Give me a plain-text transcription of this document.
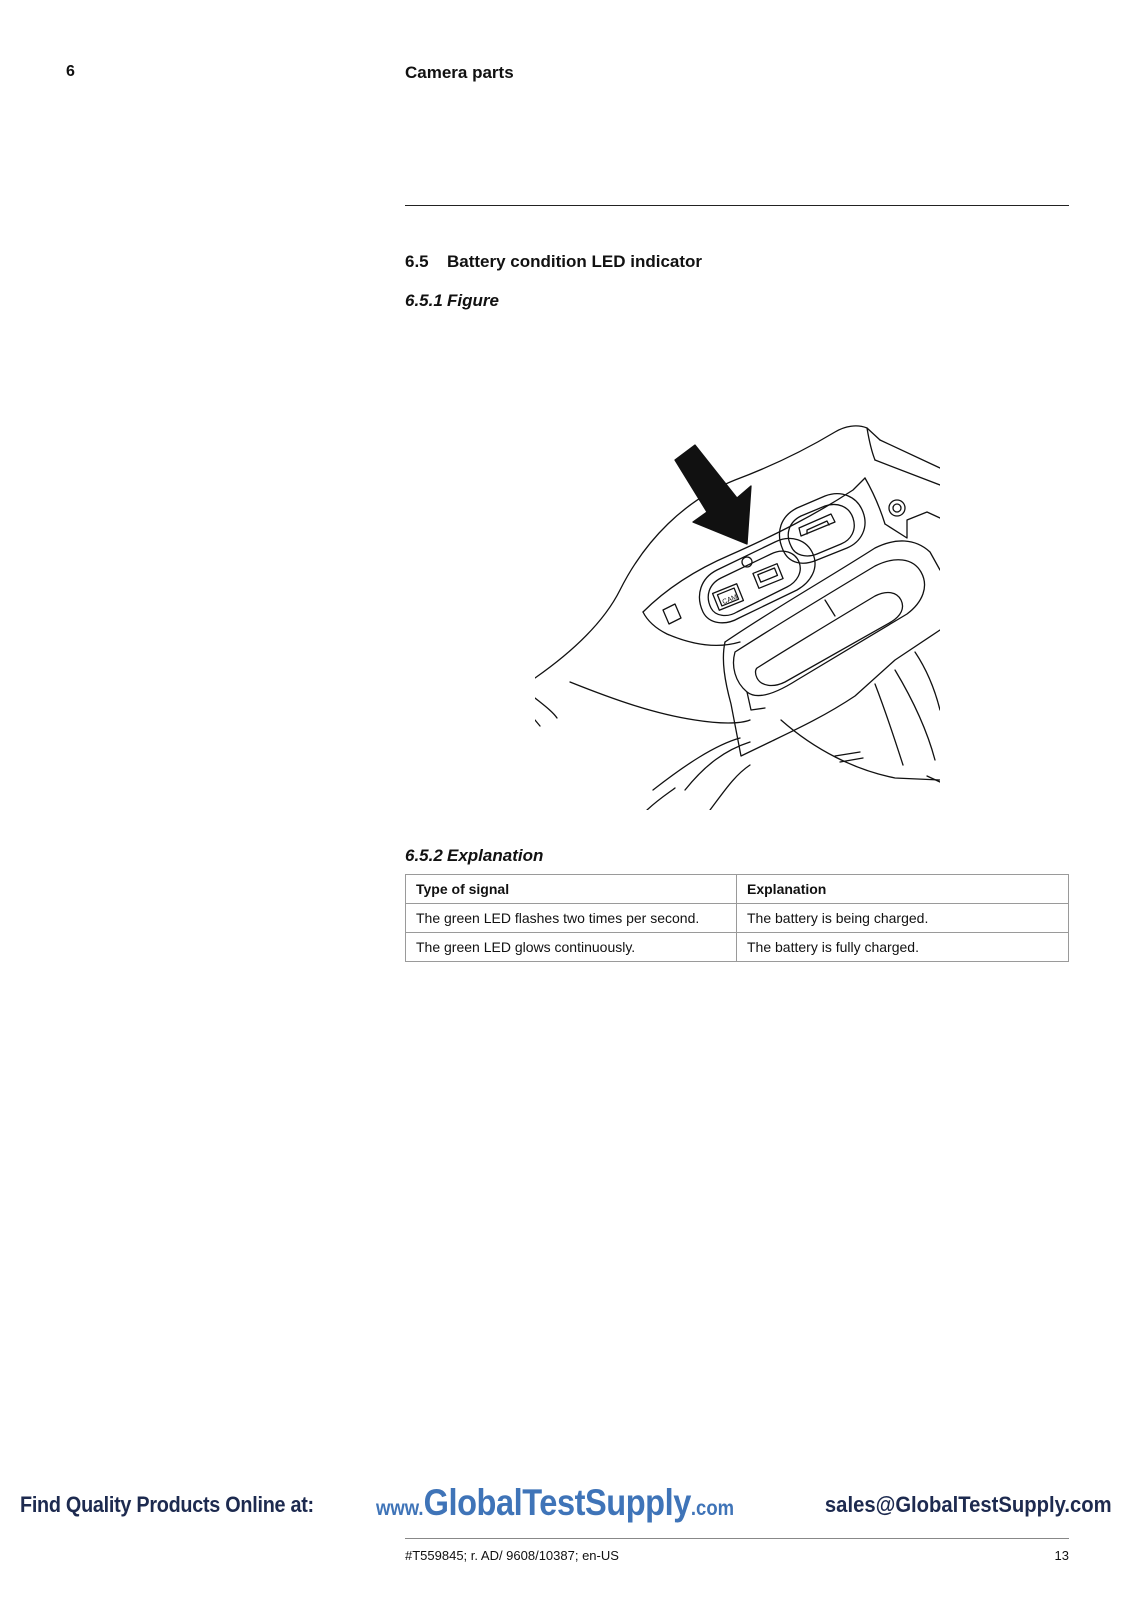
6	Camera parts
6.5 Battery condition LED indicator
6.5.1 Figure
CAM
6.5.2 Explanation
Type of signal	Explanation
The green LED flashes two times per second.	The battery is being charged.
The green LED glows continuously.	The battery is fully charged.
Find Quality Products Online at:	www.GlobalTestSupply.com	sales@GlobalTestSupply.com
#T559845; r. AD/ 9608/10387; en-US	13
